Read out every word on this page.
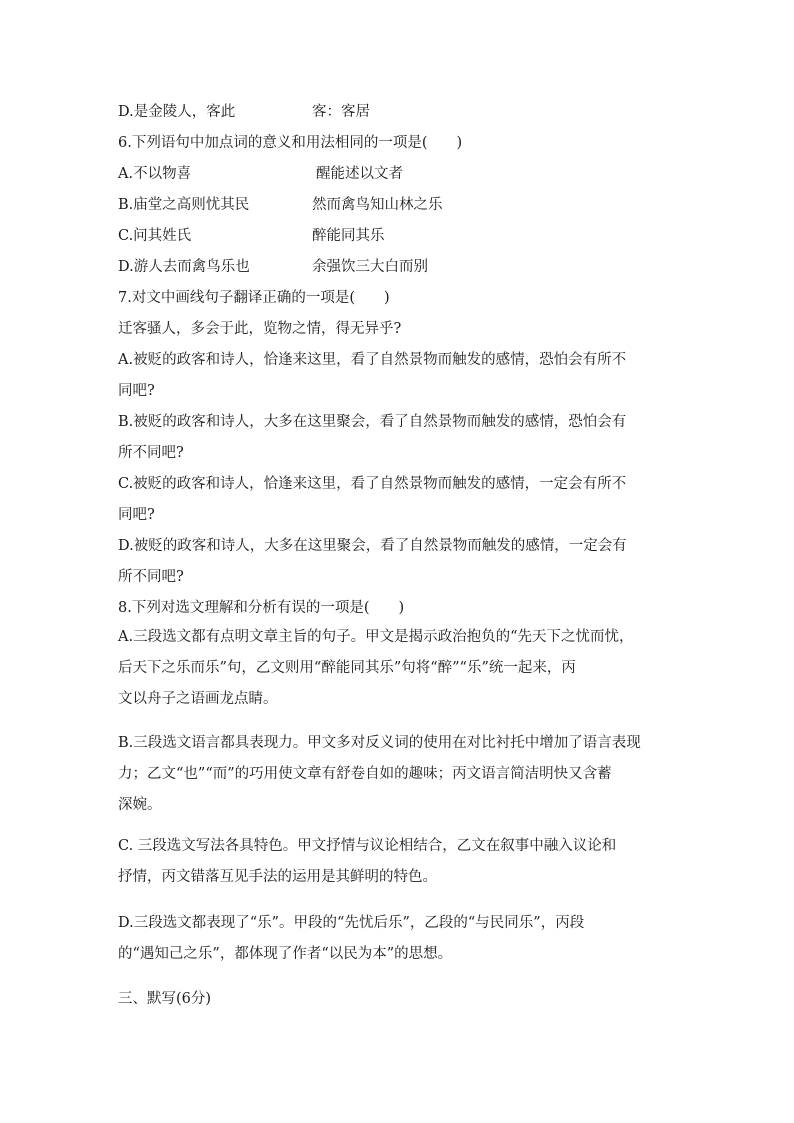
D.是金陵人，客此	客：客居
6.下列语句中加点词的意义和用法相同的一项是(　　)
A.不以物喜	醒能述以文者
B.庙堂之高则忧其民	然而禽鸟知山林之乐
C.问其姓氏	醉能同其乐
D.游人去而禽鸟乐也	余强饮三大白而别
7.对文中画线句子翻译正确的一项是(　　)
迁客骚人，多会于此，览物之情，得无异乎?
A.被贬的政客和诗人，恰逢来这里，看了自然景物而触发的感情，恐怕会有所不
同吧?
B.被贬的政客和诗人，大多在这里聚会，看了自然景物而触发的感情，恐怕会有
所不同吧?
C.被贬的政客和诗人，恰逢来这里，看了自然景物而触发的感情，一定会有所不
同吧?
D.被贬的政客和诗人，大多在这里聚会，看了自然景物而触发的感情，一定会有
所不同吧?
8.下列对选文理解和分析有误的一项是(　　)
A.三段选文都有点明文章主旨的句子。甲文是揭示政治抱负的“先天下之忧而忧，
后天下之乐而乐”句，乙文则用“醉能同其乐”句将“醉”“乐”统一起来，丙
文以舟子之语画龙点睛。
B.三段选文语言都具表现力。甲文多对反义词的使用在对比衬托中增加了语言表现
力；乙文“也”“而”的巧用使文章有舒卷自如的趣味；丙文语言简洁明快又含蓄
深婉。
C. 三段选文写法各具特色。甲文抒情与议论相结合，乙文在叙事中融入议论和
抒情，丙文错落互见手法的运用是其鲜明的特色。
D.三段选文都表现了“乐”。甲段的“先忧后乐”，乙段的“与民同乐”，丙段
的“遇知己之乐”，都体现了作者“以民为本”的思想。
三、默写(6分)
